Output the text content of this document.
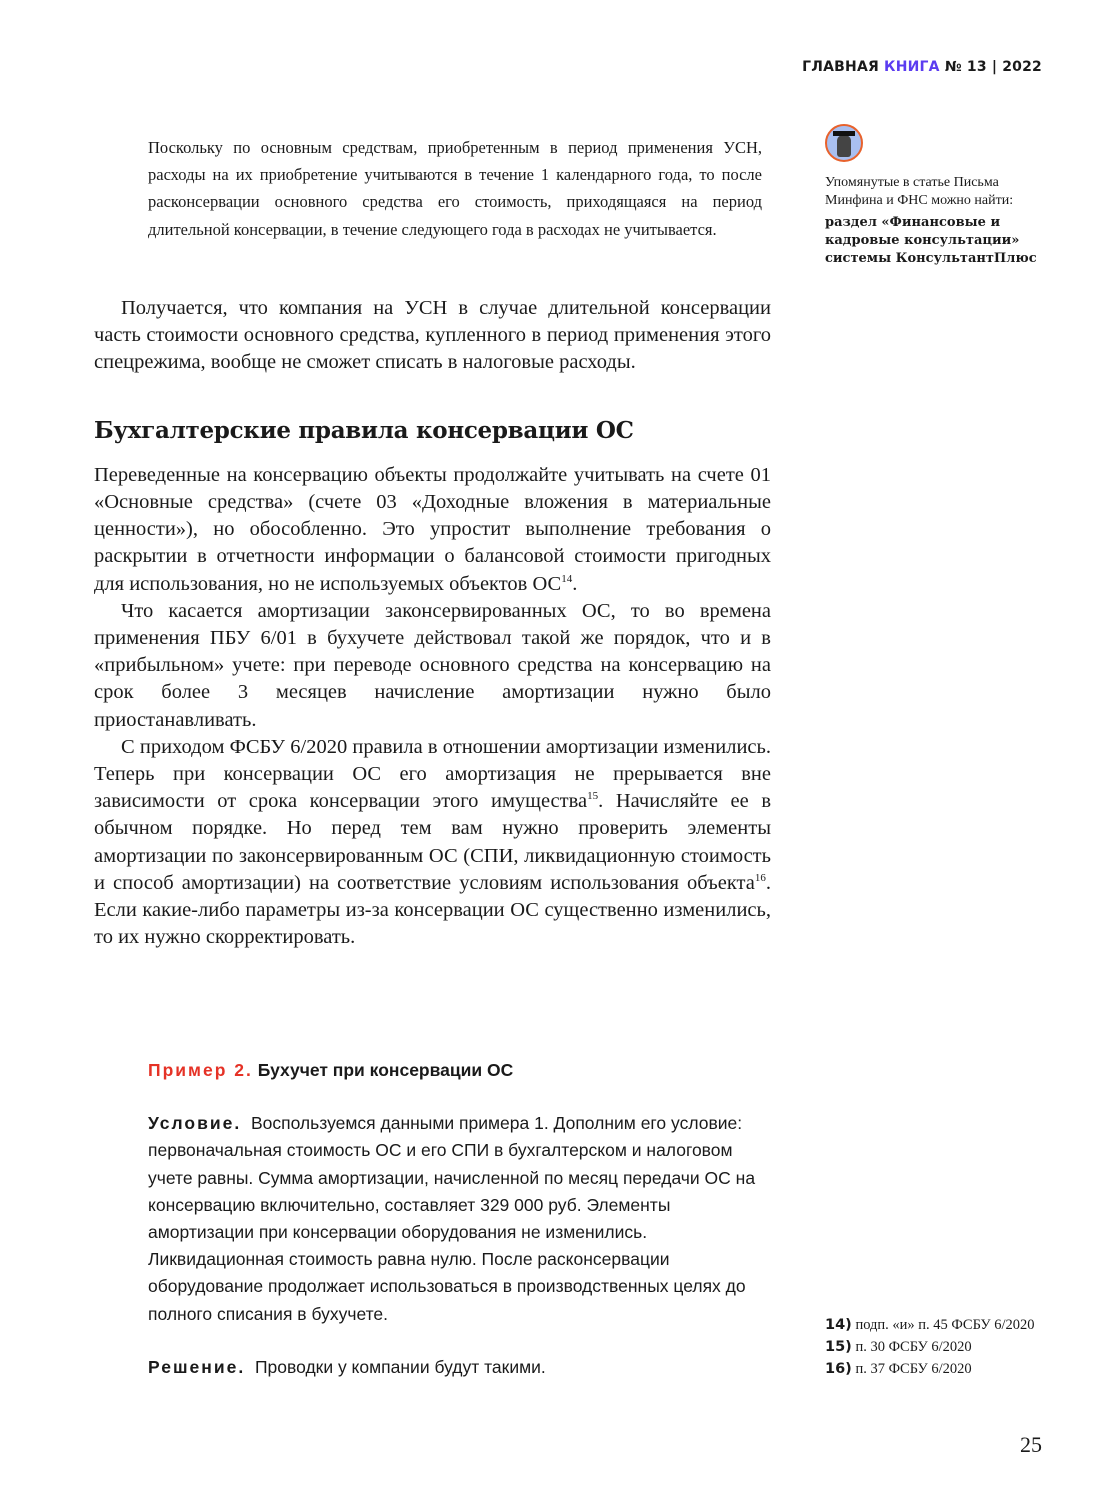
ГЛАВНАЯ КНИГА № 13 | 2022
Поскольку по основным средствам, приобретенным в период применения УСН, расходы на их приобретение учитываются в течение 1 календарного года, то после расконсервации основного средства его стоимость, приходящаяся на период длительной консервации, в течение следующего года в расходах не учитывается.

Получается, что компания на УСН в случае длительной консервации часть стоимости основного средства, купленного в период применения этого спецрежима, вообще не сможет списать в налоговые расходы.

Бухгалтерские правила консервации ОС

Переведенные на консервацию объекты продолжайте учитывать на счете 01 «Основные средства» (счете 03 «Доходные вложения в материальные ценности»), но обособленно. Это упростит выполнение требования о раскрытии в отчетности информации о балансовой стоимости пригодных для использования, но не используемых объектов ОС$^{14}$.

Что касается амортизации законсервированных ОС, то во времена применения ПБУ 6/01 в бухучете действовал такой же порядок, что и в «прибыльном» учете: при переводе основного средства на консервацию на срок более 3 месяцев начисление амортизации нужно было приостанавливать.

С приходом ФСБУ 6/2020 правила в отношении амортизации изменились. Теперь при консервации ОС его амортизация не прерывается вне зависимости от срока консервации этого имущества$^{15}$. Начисляйте ее в обычном порядке. Но перед тем вам нужно проверить элементы амортизации по законсервированным ОС (СПИ, ликвидационную стоимость и способ амортизации) на соответствие условиям использования объекта$^{16}$. Если какие-либо параметры из-за консервации ОС существенно изменились, то их нужно скорректировать.

Пример 2. Бухучет при консервации ОС

Условие. Воспользуемся данными примера 1. Дополним его условие: первоначальная стоимость ОС и его СПИ в бухгалтерском и налоговом учете равны. Сумма амортизации, начисленной по месяц передачи ОС на консервацию включительно, составляет 329 000 руб. Элементы амортизации при консервации оборудования не изменились. Ликвидационная стоимость равна нулю. После расконсервации оборудование продолжает использоваться в производственных целях до полного списания в бухучете.

Решение. Проводки у компании будут такими.

Упомянутые в статье Письма Минфина и ФНС можно найти:
раздел «Финансовые и кадровые консультации» системы КонсультантПлюс
14) подп. «и» п. 45 ФСБУ 6/2020
15) п. 30 ФСБУ 6/2020
16) п. 37 ФСБУ 6/2020
25
